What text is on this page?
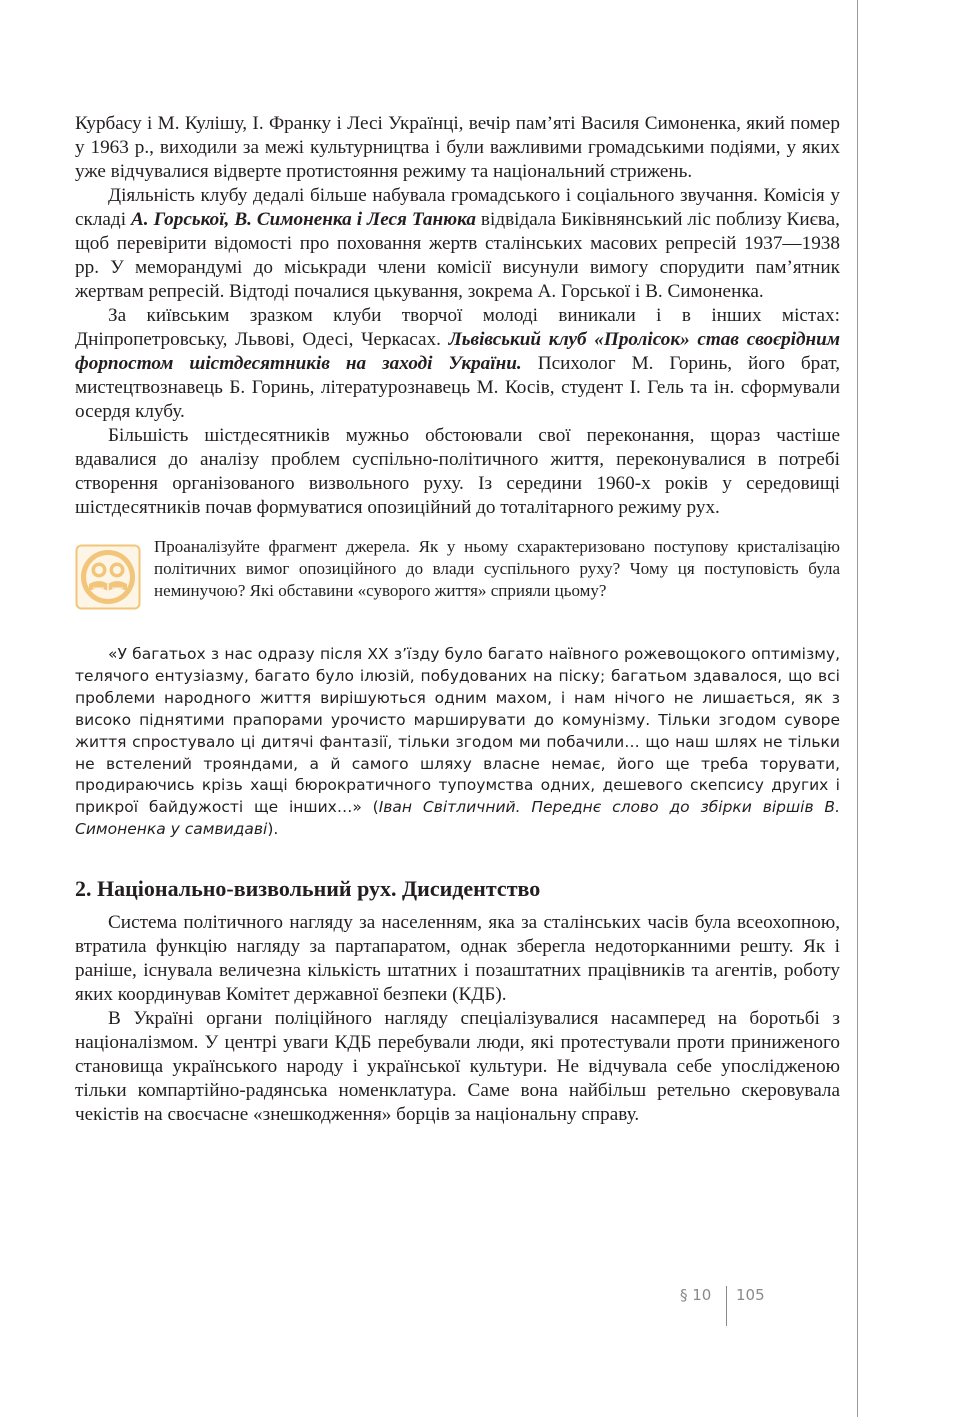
Курбасу і М. Кулішу, І. Франку і Лесі Українці, вечір пам’яті Василя Симоненка, який помер у 1963 р., виходили за межі культурництва і були важливими громадськими подіями, у яких уже відчувалися відверте протистояння режиму та національний стрижень.

Діяльність клубу дедалі більше набувала громадського і соціального звучання. Комісія у складі А. Горської, В. Симоненка і Леся Танюка відвідала Биківнянський ліс поблизу Києва, щоб перевірити відомості про поховання жертв сталінських масових репресій 1937—1938 рр. У меморандумі до міськради члени комісії висунули вимогу спорудити пам’ятник жертвам репресій. Відтоді почалися цькування, зокрема А. Горської і В. Симоненка.

За київським зразком клуби творчої молоді виникали і в інших містах: Дніпропетровську, Львові, Одесі, Черкасах. Львівський клуб «Пролісок» став своєрідним форпостом шістдесятників на заході України. Психолог М. Горинь, його брат, мистецтвознавець Б. Горинь, літературознавець М. Косів, студент І. Гель та ін. сформували осердя клубу.

Більшість шістдесятників мужньо обстоювали свої переконання, щораз частіше вдавалися до аналізу проблем суспільно-політичного життя, переконувалися в потребі створення організованого визвольного руху. Із середини 1960-х років у середовищі шістдесятників почав формуватися опозиційний до тоталітарного режиму рух.

Проаналізуйте фрагмент джерела. Як у ньому схарактеризовано поступову кристалізацію політичних вимог опозиційного до влади суспільного руху? Чому ця поступовість була неминучою? Які обставини «суворого життя» сприяли цьому?

«У багатьох з нас одразу після XX з’їзду було багато наївного рожевощокого оптимізму, телячого ентузіазму, багато було ілюзій, побудованих на піску; багатьом здавалося, що всі проблеми народного життя вирішуються одним махом, і нам нічого не лишається, як з високо піднятими прапорами урочисто марширувати до комунізму. Тільки згодом суворе життя спростувало ці дитячі фантазії, тільки згодом ми побачили… що наш шлях не тільки не встелений трояндами, а й самого шляху власне немає, його ще треба торувати, продираючись крізь хащі бюрократичного тупоумства одних, дешевого скепсису других і прикрої байдужості ще інших…» (Іван Світличний. Переднє слово до збірки віршів В. Симоненка у самвидаві).

2. Національно-визвольний рух. Дисидентство

Система політичного нагляду за населенням, яка за сталінських часів була всеохопною, втратила функцію нагляду за партапаратом, однак зберегла недоторканними решту. Як і раніше, існувала величезна кількість штатних і позаштатних працівників та агентів, роботу яких координував Комітет державної безпеки (КДБ).

В Україні органи поліційного нагляду спеціалізувалися насамперед на боротьбі з націоналізмом. У центрі уваги КДБ перебували люди, які протестували проти приниженого становища українського народу і української культури. Не відчувала себе упослідженою тільки компартійно-радянська номенклатура. Саме вона найбільш ретельно скеровувала чекістів на своєчасне «знешкодження» борців за національну справу.

§ 10 105
